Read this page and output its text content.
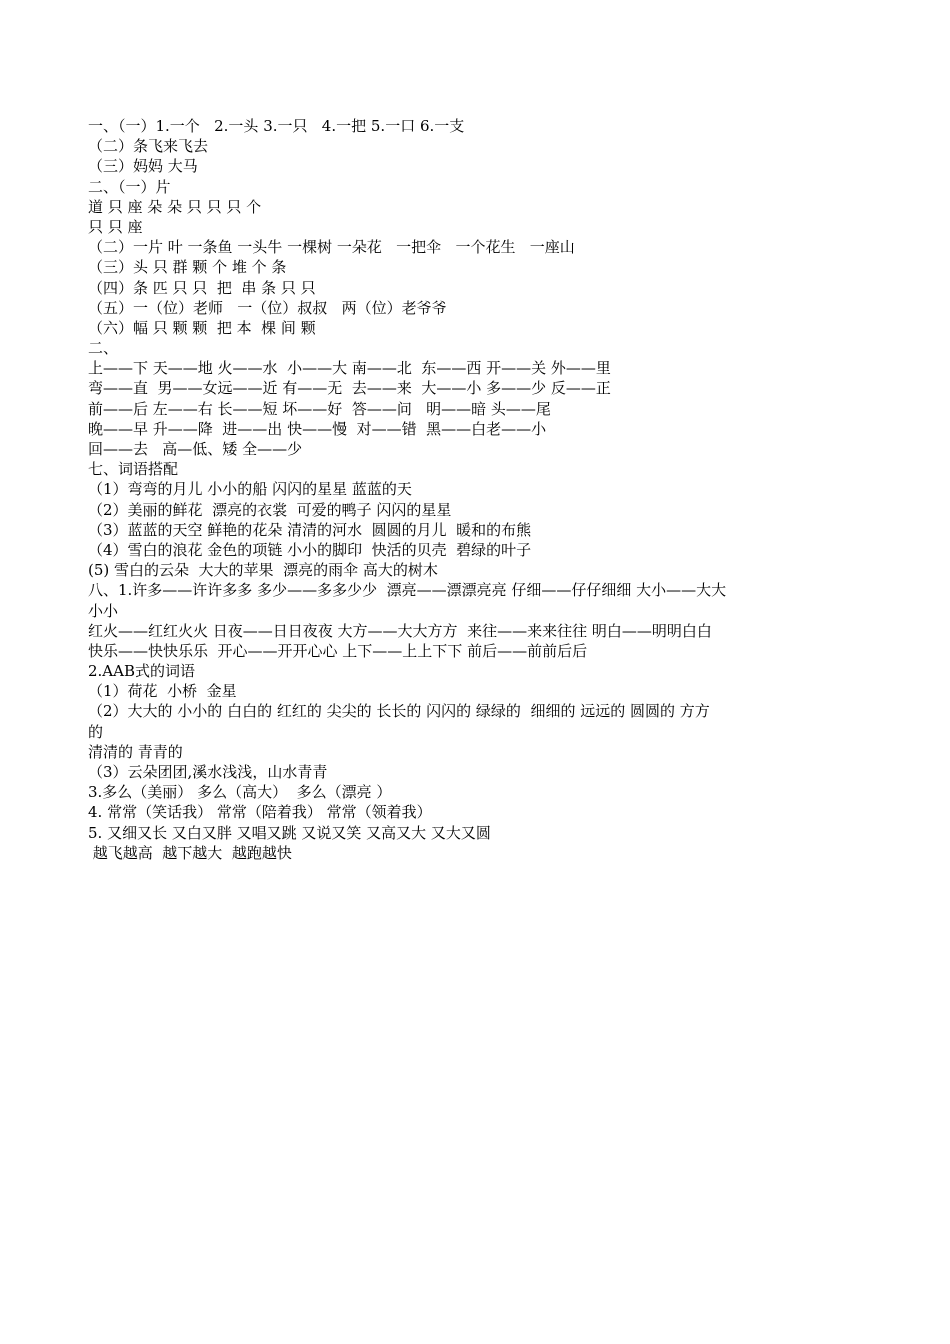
一、（一）1.一个   2.一头 3.一只   4.一把 5.一口 6.一支
（二）条飞来飞去
（三）妈妈 大马
二、（一）片
道 只 座 朵 朵 只 只 只 个
只 只 座
（二）一片 叶 一条鱼 一头牛 一棵树 一朵花   一把伞   一个花生   一座山
（三）头 只 群 颗 个 堆 个 条
（四）条 匹 只 只  把  串 条 只 只
（五）一（位）老师   一（位）叔叔   两（位）老爷爷
（六）幅 只 颗 颗  把 本  棵 间 颗
二、
上——下 天——地 火——水  小——大 南——北  东——西 开——关 外——里
弯——直  男——女远——近 有——无  去——来  大——小 多——少 反——正
前——后 左——右 长——短 坏——好  答——问   明——暗 头——尾
晚——早 升——降  进——出 快——慢  对——错  黑——白老——小
回——去   高—低、矮 全——少
七、词语搭配
（1）弯弯的月儿 小小的船 闪闪的星星 蓝蓝的天
（2）美丽的鲜花  漂亮的衣裳  可爱的鸭子 闪闪的星星
（3）蓝蓝的天空 鲜艳的花朵 清清的河水  圆圆的月儿  暖和的布熊
（4）雪白的浪花 金色的项链 小小的脚印  快活的贝壳  碧绿的叶子
(5) 雪白的云朵  大大的苹果  漂亮的雨伞 高大的树木
八、1.许多——许许多多 多少——多多少少  漂亮——漂漂亮亮 仔细——仔仔细细 大小——大大
小小
红火——红红火火 日夜——日日夜夜 大方——大大方方  来往——来来往往 明白——明明白白
快乐——快快乐乐  开心——开开心心 上下——上上下下 前后——前前后后
2.AAB式的词语
（1）荷花  小桥  金星
（2）大大的 小小的 白白的 红红的 尖尖的 长长的 闪闪的 绿绿的  细细的 远远的 圆圆的 方方
的
清清的 青青的
（3）云朵团团,溪水浅浅，山水青青
3.多么（美丽） 多么（高大）  多么（漂亮 ）
4. 常常（笑话我） 常常（陪着我） 常常（领着我）
5. 又细又长 又白又胖 又唱又跳 又说又笑 又高又大 又大又圆
越飞越高  越下越大  越跑越快
